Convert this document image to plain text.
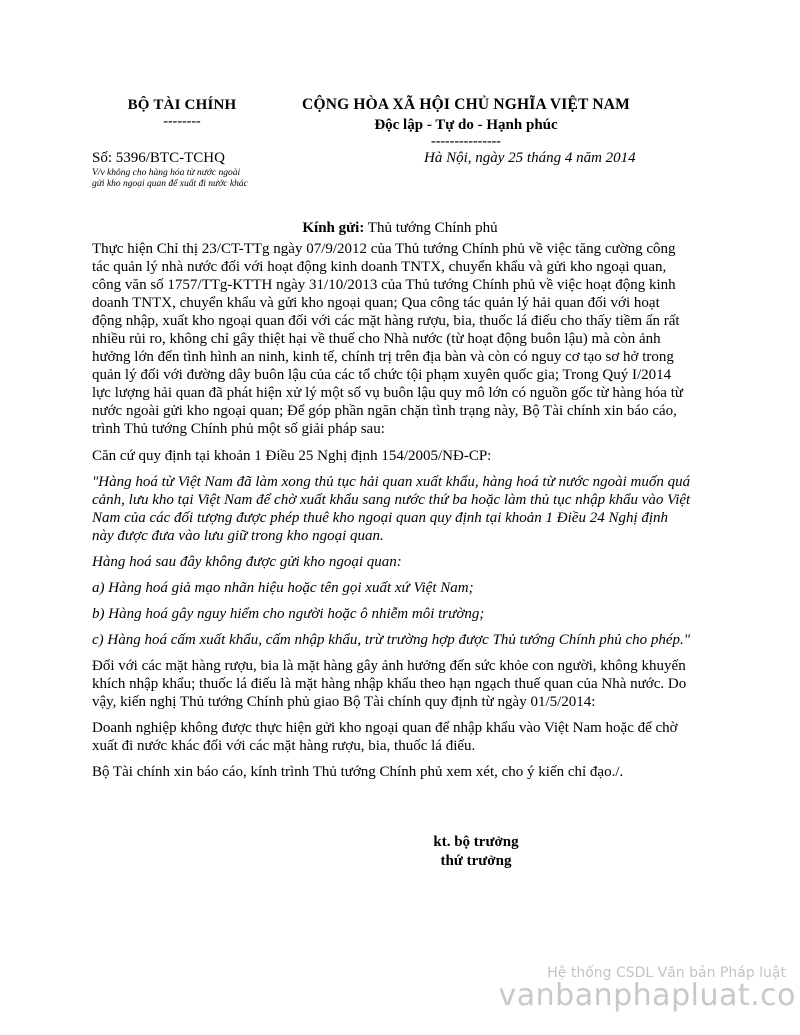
BỘ TÀI CHÍNH
--------
CỘNG HÒA XÃ HỘI CHỦ NGHĨA VIỆT NAM
Độc lập - Tự do - Hạnh phúc
---------------
Số: 5396/BTC-TCHQ
V/v không cho hàng hóa từ nước ngoài
gửi kho ngoại quan để xuất đi nước khác
Hà Nội, ngày 25 tháng 4 năm 2014
Kính gửi: Thủ tướng Chính phủ

Thực hiện Chỉ thị 23/CT-TTg ngày 07/9/2012 của Thủ tướng Chính phủ về việc tăng cường công tác quản lý nhà nước đối với hoạt động kinh doanh TNTX, chuyển khẩu và gửi kho ngoại quan, công văn số 1757/TTg-KTTH ngày 31/10/2013 của Thủ tướng Chính phủ về việc hoạt động kinh doanh TNTX, chuyển khẩu và gửi kho ngoại quan; Qua công tác quản lý hải quan đối với hoạt động nhập, xuất kho ngoại quan đối với các mặt hàng rượu, bia, thuốc lá điếu cho thấy tiềm ẩn rất nhiều rủi ro, không chỉ gây thiệt hại về thuế cho Nhà nước (từ hoạt động buôn lậu) mà còn ảnh hưởng lớn đến tình hình an ninh, kinh tế, chính trị trên địa bàn và còn có nguy cơ tạo sơ hở trong quản lý đối với đường dây buôn lậu của các tổ chức tội phạm xuyên quốc gia; Trong Quý I/2014 lực lượng hải quan đã phát hiện xử lý một số vụ buôn lậu quy mô lớn có nguồn gốc từ hàng hóa từ nước ngoài gửi kho ngoại quan; Để góp phần ngăn chặn tình trạng này, Bộ Tài chính xin báo cáo, trình Thủ tướng Chính phủ một số giải pháp sau:

Căn cứ quy định tại khoản 1 Điều 25 Nghị định 154/2005/NĐ-CP:

"Hàng hoá từ Việt Nam đã làm xong thủ tục hải quan xuất khẩu, hàng hoá từ nước ngoài muốn quá cảnh, lưu kho tại Việt Nam để chờ xuất khẩu sang nước thứ ba hoặc làm thủ tục nhập khẩu vào Việt Nam của các đối tượng được phép thuê kho ngoại quan quy định tại khoản 1 Điều 24 Nghị định này được đưa vào lưu giữ trong kho ngoại quan.

Hàng hoá sau đây không được gửi kho ngoại quan:

a) Hàng hoá giả mạo nhãn hiệu hoặc tên gọi xuất xứ Việt Nam;

b) Hàng hoá gây nguy hiểm cho người hoặc ô nhiễm môi trường;

c) Hàng hoá cấm xuất khẩu, cấm nhập khẩu, trừ trường hợp được Thủ tướng Chính phủ cho phép."

Đối với các mặt hàng rượu, bia là mặt hàng gây ảnh hưởng đến sức khỏe con người, không khuyến khích nhập khẩu; thuốc lá điếu là mặt hàng nhập khẩu theo hạn ngạch thuế quan của Nhà nước. Do vậy, kiến nghị Thủ tướng Chính phủ giao Bộ Tài chính quy định từ ngày 01/5/2014:

Doanh nghiệp không được thực hiện gửi kho ngoại quan để nhập khẩu vào Việt Nam hoặc để chờ xuất đi nước khác đối với các mặt hàng rượu, bia, thuốc lá điếu.

Bộ Tài chính xin báo cáo, kính trình Thủ tướng Chính phủ xem xét, cho ý kiến chỉ đạo./.

kt. bộ trưởng
thứ trưởng
Hệ thống CSDL Văn bản Pháp luật
vanbanphapluat.co
